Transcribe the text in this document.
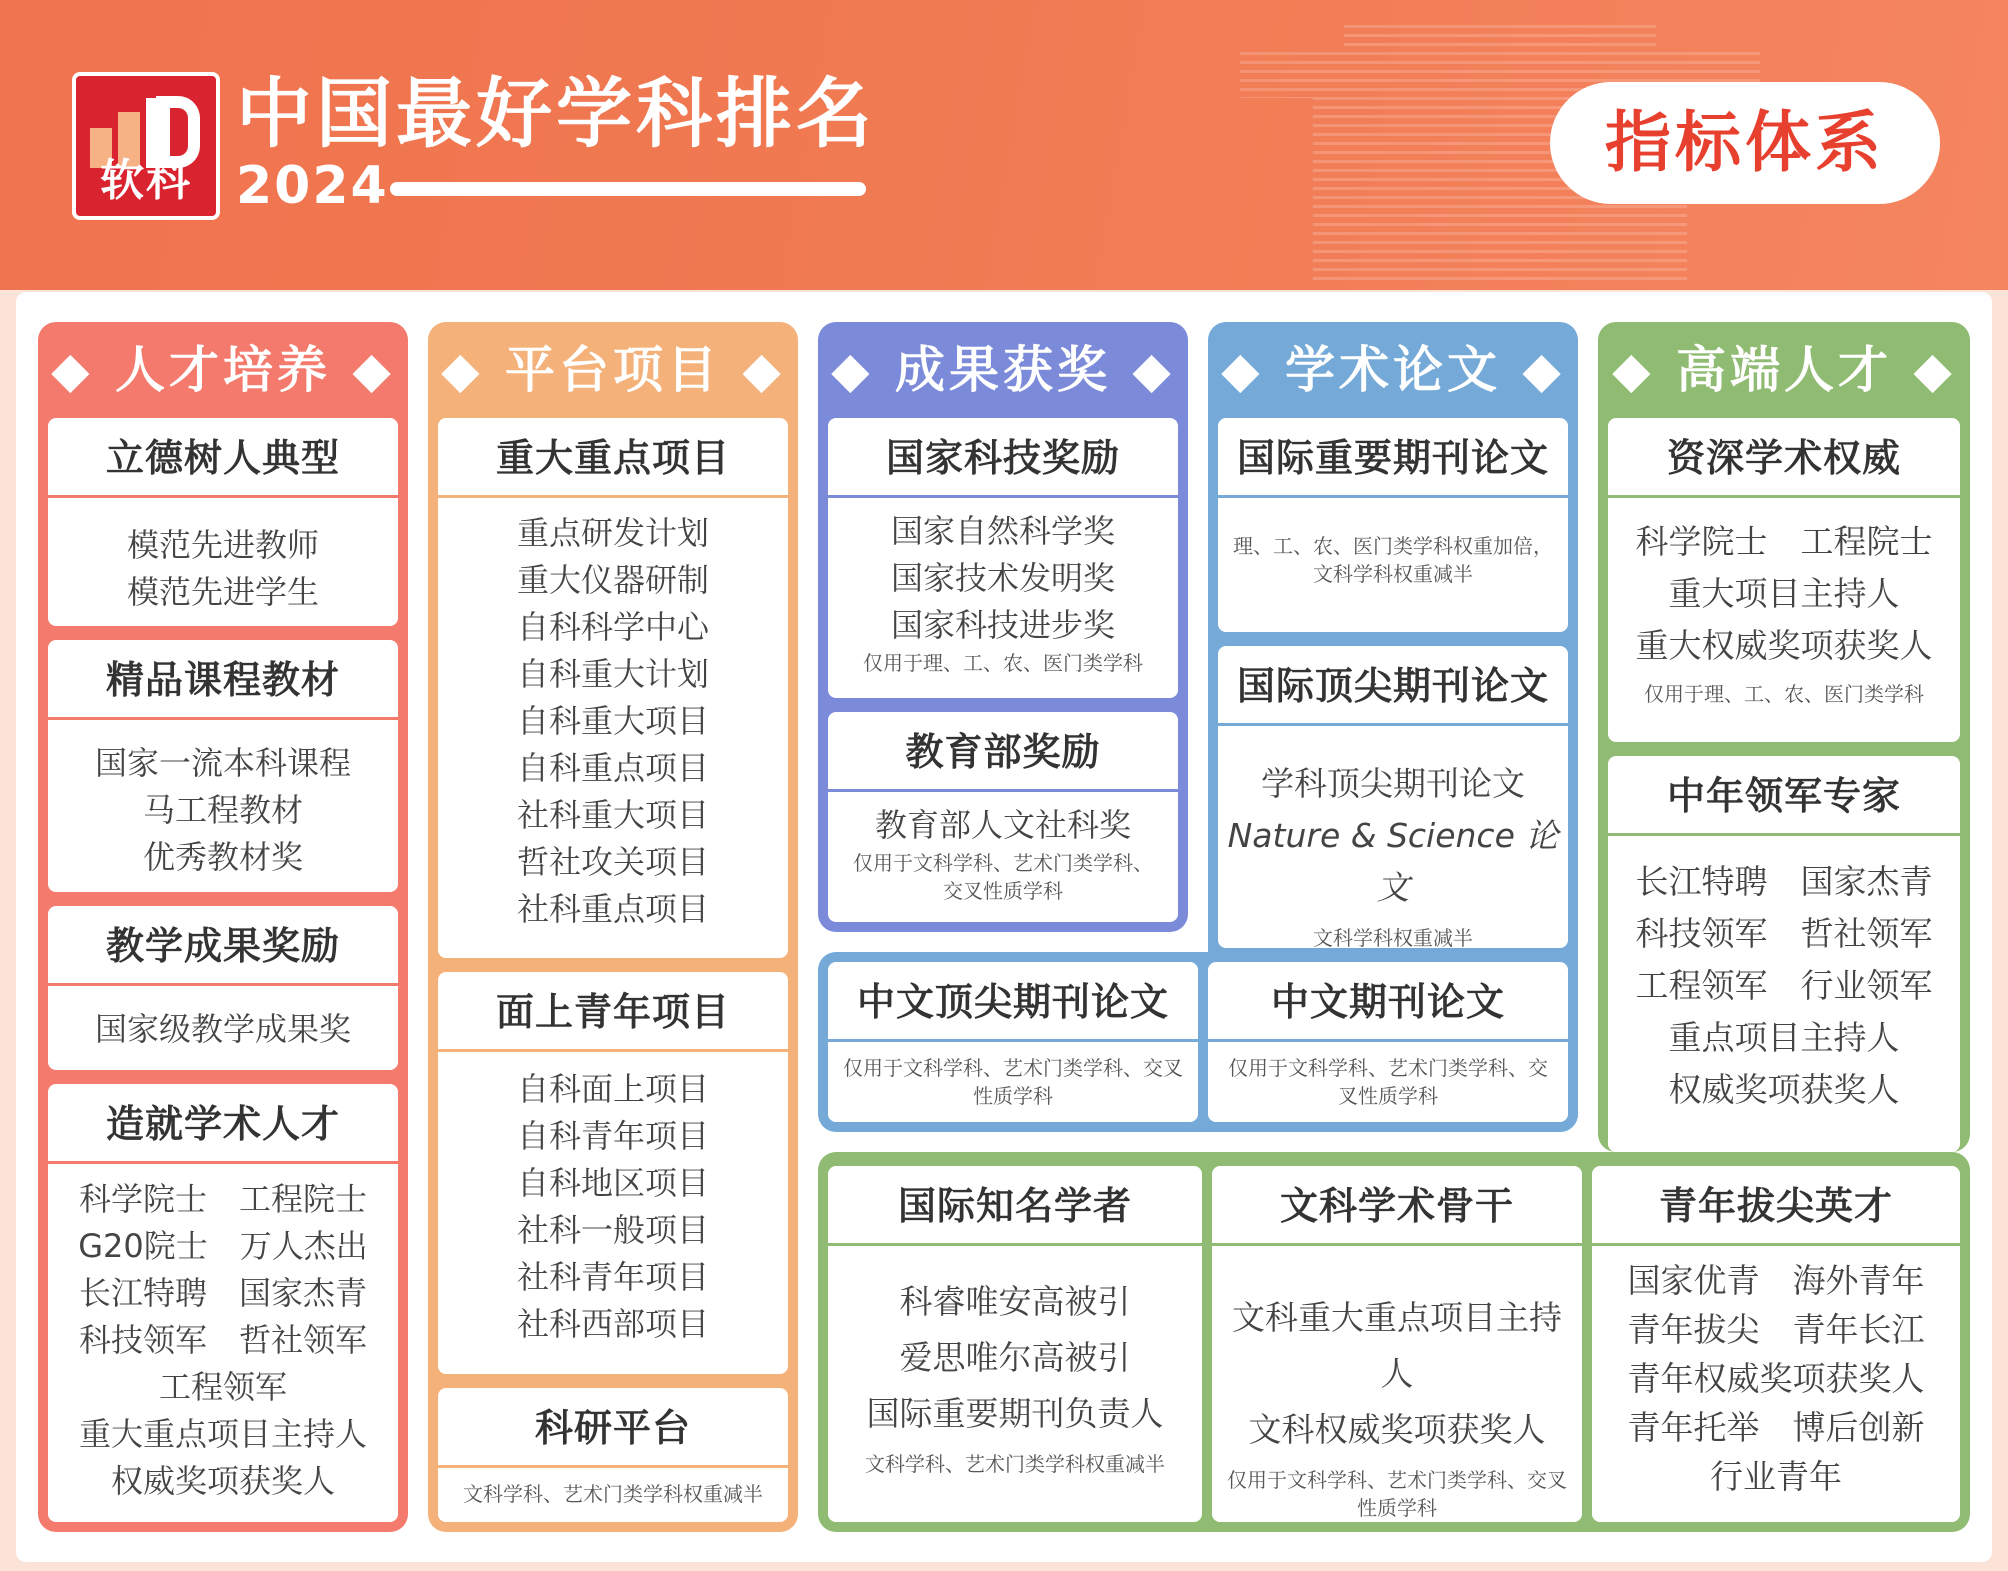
软科
中国最好学科排名
2024
指标体系
◆ 人才培养 ◆
立德树人典型
模范先进教师
模范先进学生
精品课程教材
国家一流本科课程
马工程教材
优秀教材奖
教学成果奖励
国家级教学成果奖
造就学术人才
科学院士　工程院士
G20院士　万人杰出
长江特聘　国家杰青
科技领军　哲社领军
工程领军
重大重点项目主持人
权威奖项获奖人
◆ 平台项目 ◆
重大重点项目
重点研发计划
重大仪器研制
自科科学中心
自科重大计划
自科重大项目
自科重点项目
社科重大项目
哲社攻关项目
社科重点项目
面上青年项目
自科面上项目
自科青年项目
自科地区项目
社科一般项目
社科青年项目
社科西部项目
科研平台
文科学科、艺术门类学科权重减半
◆ 成果获奖 ◆
国家科技奖励
国家自然科学奖
国家技术发明奖
国家科技进步奖
仅用于理、工、农、医门类学科
教育部奖励
教育部人文社科奖
仅用于文科学科、艺术门类学科、交叉性质学科
◆ 学术论文 ◆
国际重要期刊论文
理、工、农、医门类学科权重加倍，文科学科权重减半
国际顶尖期刊论文
学科顶尖期刊论文
Nature & Science 论文
文科学科权重减半
中文顶尖期刊论文
仅用于文科学科、艺术门类学科、交叉性质学科
中文期刊论文
仅用于文科学科、艺术门类学科、交叉性质学科
◆ 高端人才 ◆
资深学术权威
科学院士　工程院士
重大项目主持人
重大权威奖项获奖人
仅用于理、工、农、医门类学科
中年领军专家
长江特聘　国家杰青
科技领军　哲社领军
工程领军　行业领军
重点项目主持人
权威奖项获奖人
国际知名学者
科睿唯安高被引
爱思唯尔高被引
国际重要期刊负责人
文科学科、艺术门类学科权重减半
文科学术骨干
文科重大重点项目主持人
文科权威奖项获奖人
仅用于文科学科、艺术门类学科、交叉性质学科
青年拔尖英才
国家优青　海外青年
青年拔尖　青年长江
青年权威奖项获奖人
青年托举　博后创新
行业青年
